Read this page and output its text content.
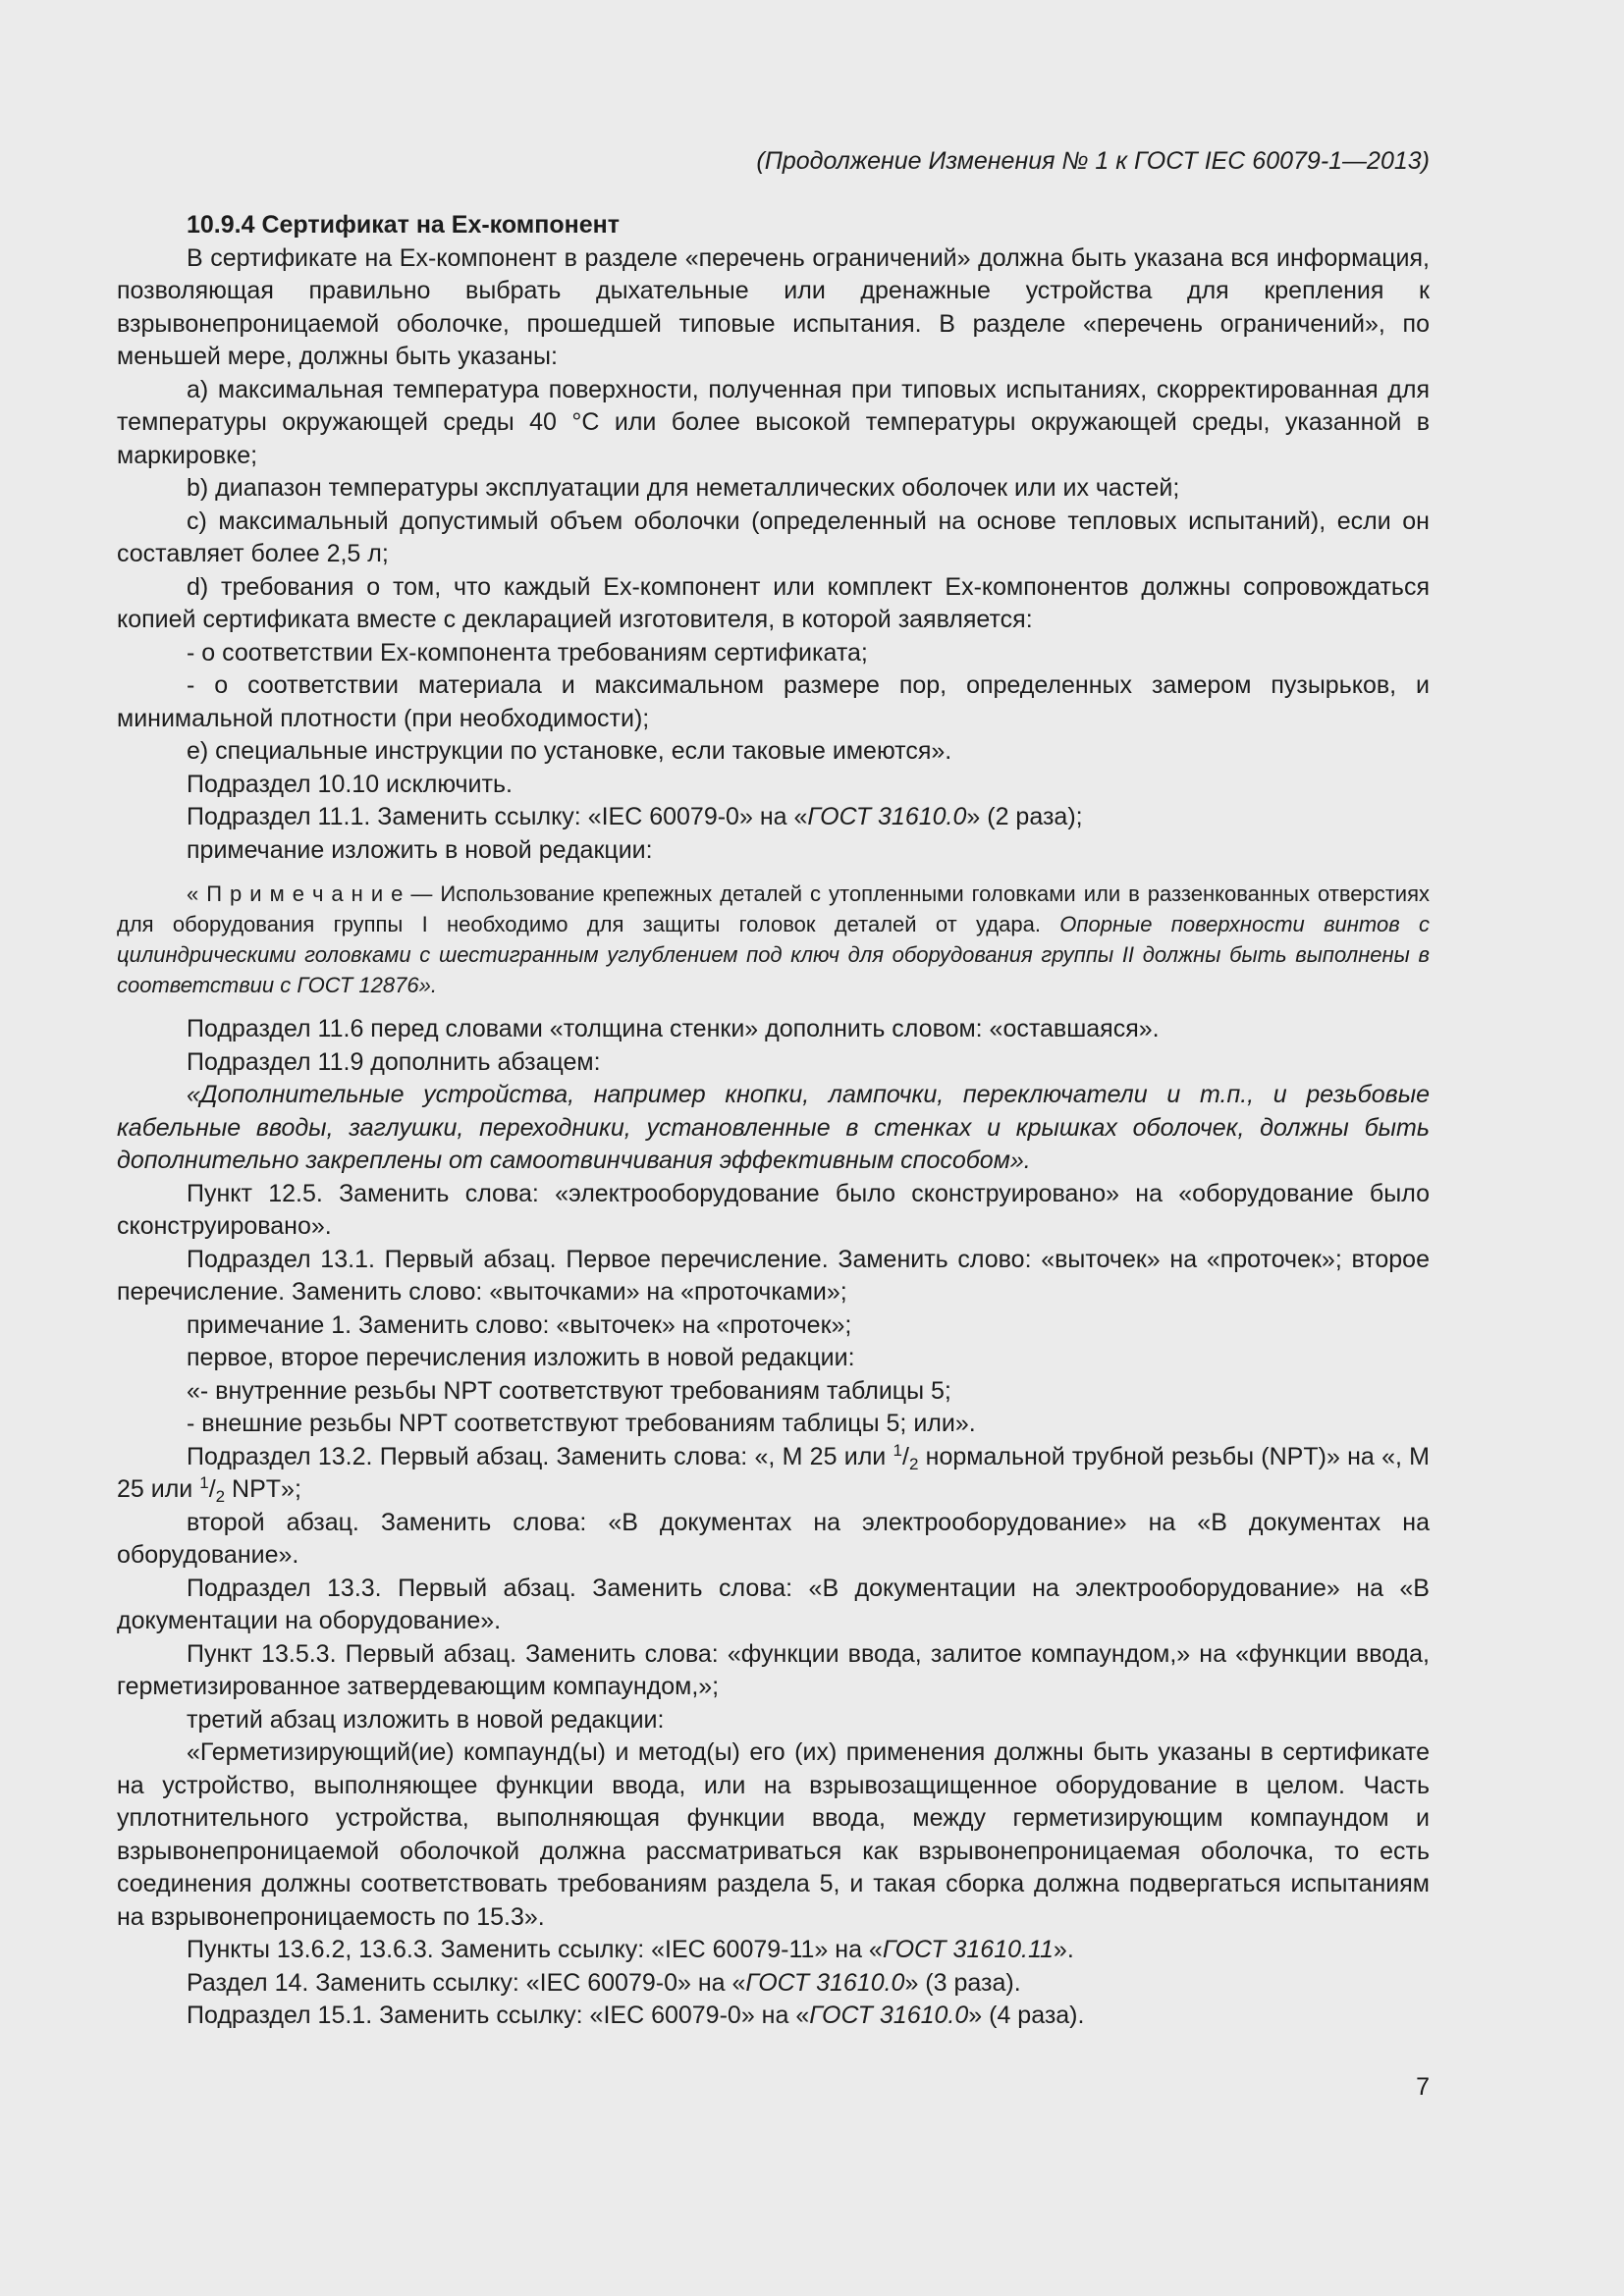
(Продолжение Изменения № 1 к ГОСТ IEC 60079-1—2013)

10.9.4 Сертификат на Ex-компонент

В сертификате на Ex-компонент в разделе «перечень ограничений» должна быть указана вся информация, позволяющая правильно выбрать дыхательные или дренажные устройства для крепления к взрывонепроницаемой оболочке, прошедшей типовые испытания. В разделе «перечень ограничений», по меньшей мере, должны быть указаны:

a) максимальная температура поверхности, полученная при типовых испытаниях, скорректированная для температуры окружающей среды 40 °С или более высокой температуры окружающей среды, указанной в маркировке;

b) диапазон температуры эксплуатации для неметаллических оболочек или их частей;

c) максимальный допустимый объем оболочки (определенный на основе тепловых испытаний), если он составляет более 2,5 л;

d) требования о том, что каждый Ex-компонент или комплект Ex-компонентов должны сопровождаться копией сертификата вместе с декларацией изготовителя, в которой заявляется:

- о соответствии Ex-компонента требованиям сертификата;

- о соответствии материала и максимальном размере пор, определенных замером пузырьков, и минимальной плотности (при необходимости);

e) специальные инструкции по установке, если таковые имеются».

Подраздел 10.10 исключить.

Подраздел 11.1. Заменить ссылку: «IEC 60079-0» на «ГОСТ 31610.0» (2 раза);

примечание изложить в новой редакции:

« П р и м е ч а н и е — Использование крепежных деталей с утопленными головками или в раззенкованных отверстиях для оборудования группы I необходимо для защиты головок деталей от удара. Опорные поверхности винтов с цилиндрическими головками с шестигранным углублением под ключ для оборудования группы II должны быть выполнены в соответствии с ГОСТ 12876».

Подраздел 11.6 перед словами «толщина стенки» дополнить словом: «оставшаяся».

Подраздел 11.9 дополнить абзацем:

«Дополнительные устройства, например кнопки, лампочки, переключатели и т.п., и резьбовые кабельные вводы, заглушки, переходники, установленные в стенках и крышках оболочек, должны быть дополнительно закреплены от самоотвинчивания эффективным способом».

Пункт 12.5. Заменить слова: «электрооборудование было сконструировано» на «оборудование было сконструировано».

Подраздел 13.1. Первый абзац. Первое перечисление. Заменить слово: «выточек» на «проточек»; второе перечисление. Заменить слово: «выточками» на «проточками»;

примечание 1. Заменить слово: «выточек» на «проточек»;

первое, второе перечисления изложить в новой редакции:

«- внутренние резьбы NPT соответствуют требованиям таблицы 5;

- внешние резьбы NPT соответствуют требованиям таблицы 5; или».

Подраздел 13.2. Первый абзац. Заменить слова: «, М 25 или $^1/_2$ нормальной трубной резьбы (NPT)» на «, М 25 или $^1/_2$ NPT»;

второй абзац. Заменить слова: «В документах на электрооборудование» на «В документах на оборудование».

Подраздел 13.3. Первый абзац. Заменить слова: «В документации на электрооборудование» на «В документации на оборудование».

Пункт 13.5.3. Первый абзац. Заменить слова: «функции ввода, залитое компаундом,» на «функции ввода, герметизированное затвердевающим компаундом,»;

третий абзац изложить в новой редакции:

«Герметизирующий(ие) компаунд(ы) и метод(ы) его (их) применения должны быть указаны в сертификате на устройство, выполняющее функции ввода, или на взрывозащищенное оборудование в целом. Часть уплотнительного устройства, выполняющая функции ввода, между герметизирующим компаундом и взрывонепроницаемой оболочкой должна рассматриваться как взрывонепроницаемая оболочка, то есть соединения должны соответствовать требованиям раздела 5, и такая сборка должна подвергаться испытаниям на взрывонепроницаемость по 15.3».

Пункты 13.6.2, 13.6.3. Заменить ссылку: «IEC 60079-11» на «ГОСТ 31610.11».

Раздел 14. Заменить ссылку: «IEC 60079-0» на «ГОСТ 31610.0» (3 раза).

Подраздел 15.1. Заменить ссылку: «IEC 60079-0» на «ГОСТ 31610.0» (4 раза).

7
